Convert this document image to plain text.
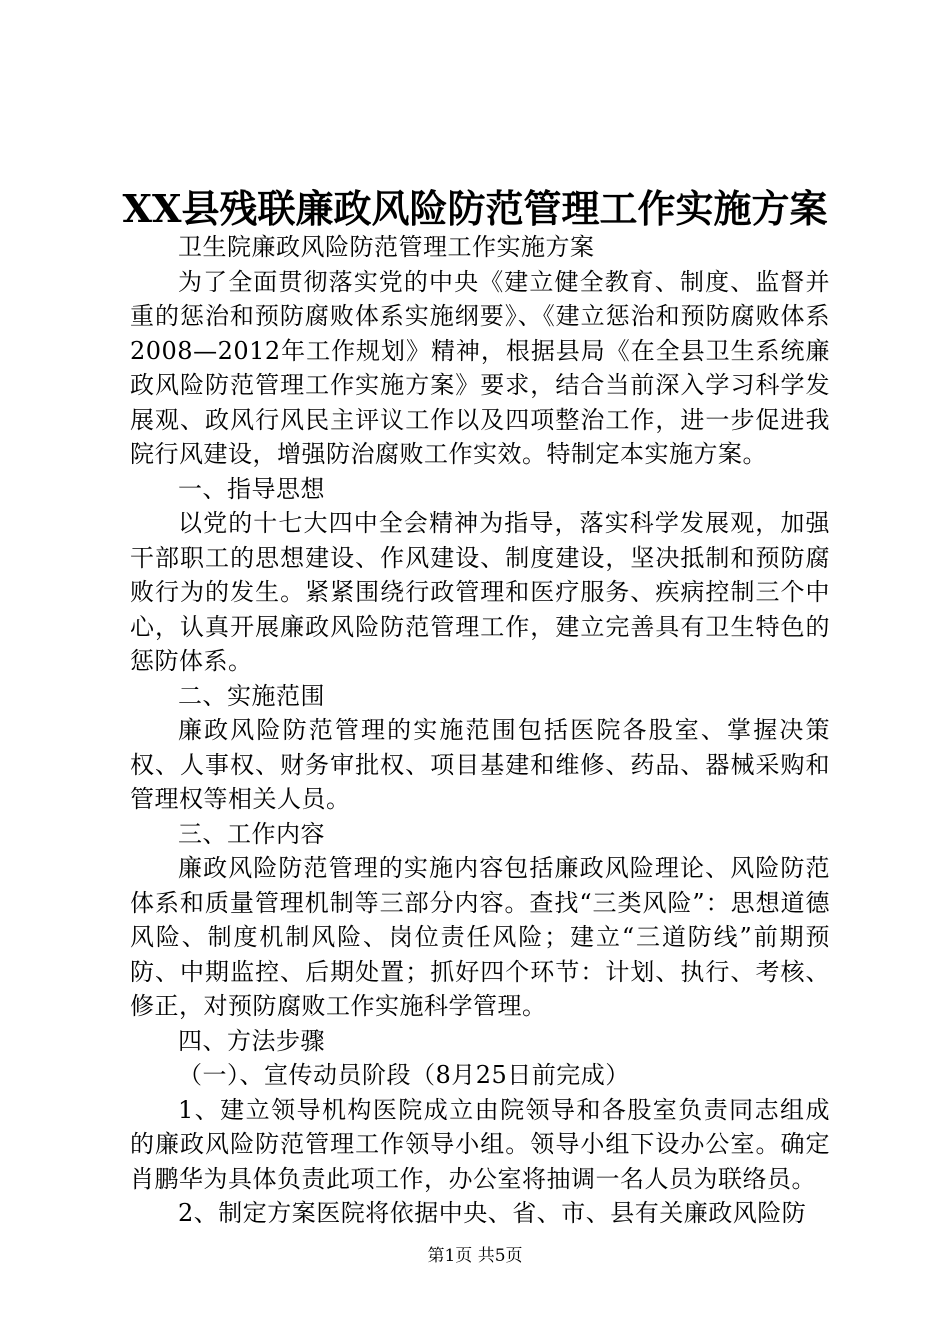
XX县残联廉政风险防范管理工作实施方案

卫生院廉政风险防范管理工作实施方案

为了全面贯彻落实党的中央《建立健全教育、制度、监督并重的惩治和预防腐败体系实施纲要》、《建立惩治和预防腐败体系2008—2012年工作规划》精神，根据县局《在全县卫生系统廉政风险防范管理工作实施方案》要求，结合当前深入学习科学发展观、政风行风民主评议工作以及四项整治工作，进一步促进我院行风建设，增强防治腐败工作实效。特制定本实施方案。

一、指导思想

以党的十七大四中全会精神为指导，落实科学发展观，加强干部职工的思想建设、作风建设、制度建设，坚决抵制和预防腐败行为的发生。紧紧围绕行政管理和医疗服务、疾病控制三个中心，认真开展廉政风险防范管理工作，建立完善具有卫生特色的惩防体系。

二、实施范围

廉政风险防范管理的实施范围包括医院各股室、掌握决策权、人事权、财务审批权、项目基建和维修、药品、器械采购和管理权等相关人员。

三、工作内容

廉政风险防范管理的实施内容包括廉政风险理论、风险防范体系和质量管理机制等三部分内容。查找“三类风险”：思想道德风险、制度机制风险、岗位责任风险；建立“三道防线”前期预防、中期监控、后期处置；抓好四个环节：计划、执行、考核、修正，对预防腐败工作实施科学管理。

四、方法步骤

（一）、宣传动员阶段（8月25日前完成）

1、建立领导机构医院成立由院领导和各股室负责同志组成的廉政风险防范管理工作领导小组。领导小组下设办公室。确定肖鹏华为具体负责此项工作，办公室将抽调一名人员为联络员。

2、制定方案医院将依据中央、省、市、县有关廉政风险防

第1页 共5页
